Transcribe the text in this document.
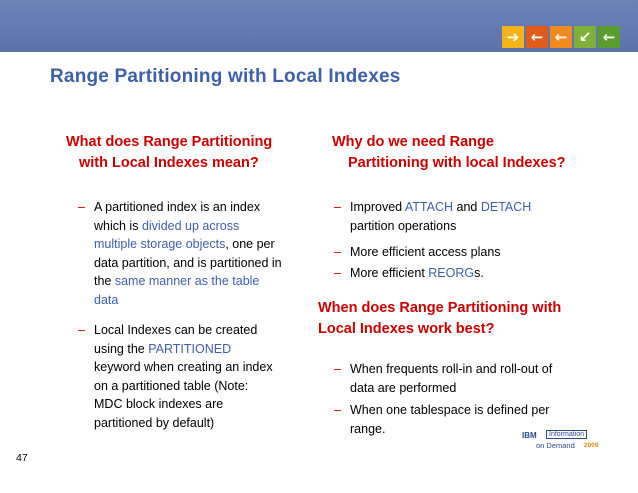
➔ ← ← ↙ ←
Range Partitioning with Local Indexes
What does Range Partitioning
with Local Indexes mean?
– A partitioned index is an index
which is divided up across
multiple storage objects, one per
data partition, and is partitioned in
the same manner as the table
data
– Local Indexes can be created
using the PARTITIONED
keyword when creating an index
on a partitioned table (Note:
MDC block indexes are
partitioned by default)
Why do we need Range
Partitioning with local Indexes?
– Improved ATTACH and DETACH
partition operations
– More efficient access plans
– More efficient REORGs.
When does Range Partitioning with
Local Indexes work best?
– When frequents roll-in and roll-out of
data are performed
– When one tablespace is defined per
range.	IBM	Information
on Demand 2009
47
